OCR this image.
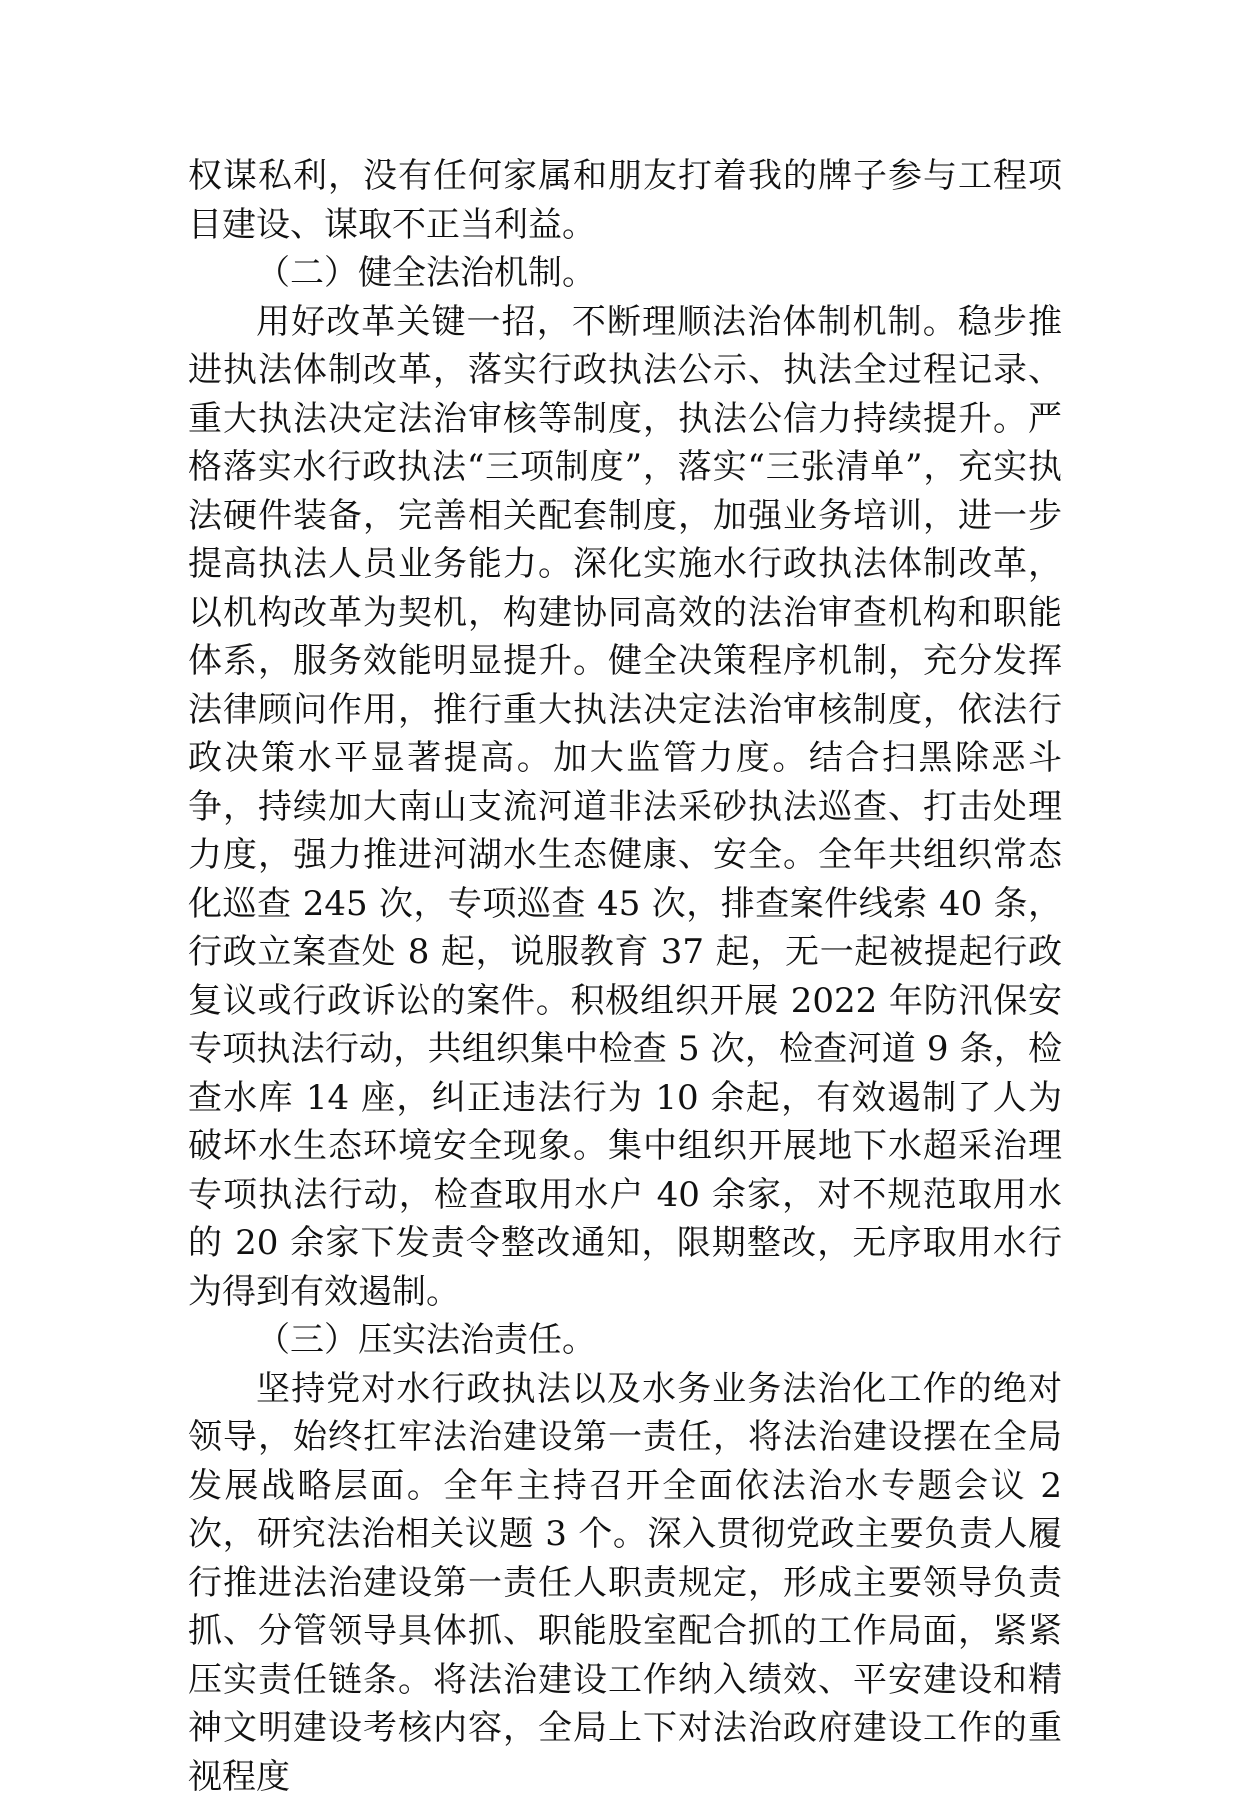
权谋私利，没有任何家属和朋友打着我的牌子参与工程项目建设、谋取不正当利益。

（二）健全法治机制。

用好改革关键一招，不断理顺法治体制机制。稳步推进执法体制改革，落实行政执法公示、执法全过程记录、重大执法决定法治审核等制度，执法公信力持续提升。严格落实水行政执法“三项制度”，落实“三张清单”，充实执法硬件装备，完善相关配套制度，加强业务培训，进一步提高执法人员业务能力。深化实施水行政执法体制改革，以机构改革为契机，构建协同高效的法治审查机构和职能体系，服务效能明显提升。健全决策程序机制，充分发挥法律顾问作用，推行重大执法决定法治审核制度，依法行政决策水平显著提高。加大监管力度。结合扫黑除恶斗争，持续加大南山支流河道非法采砂执法巡查、打击处理力度，强力推进河湖水生态健康、安全。全年共组织常态化巡查 245 次，专项巡查 45 次，排查案件线索 40 条，行政立案查处 8 起，说服教育 37 起，无一起被提起行政复议或行政诉讼的案件。积极组织开展 2022 年防汛保安专项执法行动，共组织集中检查 5 次，检查河道 9 条，检查水库 14 座，纠正违法行为 10 余起，有效遏制了人为破坏水生态环境安全现象。集中组织开展地下水超采治理专项执法行动，检查取用水户 40 余家，对不规范取用水的 20 余家下发责令整改通知，限期整改，无序取用水行为得到有效遏制。

（三）压实法治责任。

坚持党对水行政执法以及水务业务法治化工作的绝对领导，始终扛牢法治建设第一责任，将法治建设摆在全局发展战略层面。全年主持召开全面依法治水专题会议 2 次，研究法治相关议题 3 个。深入贯彻党政主要负责人履行推进法治建设第一责任人职责规定，形成主要领导负责抓、分管领导具体抓、职能股室配合抓的工作局面，紧紧压实责任链条。将法治建设工作纳入绩效、平安建设和精神文明建设考核内容，全局上下对法治政府建设工作的重视程度
